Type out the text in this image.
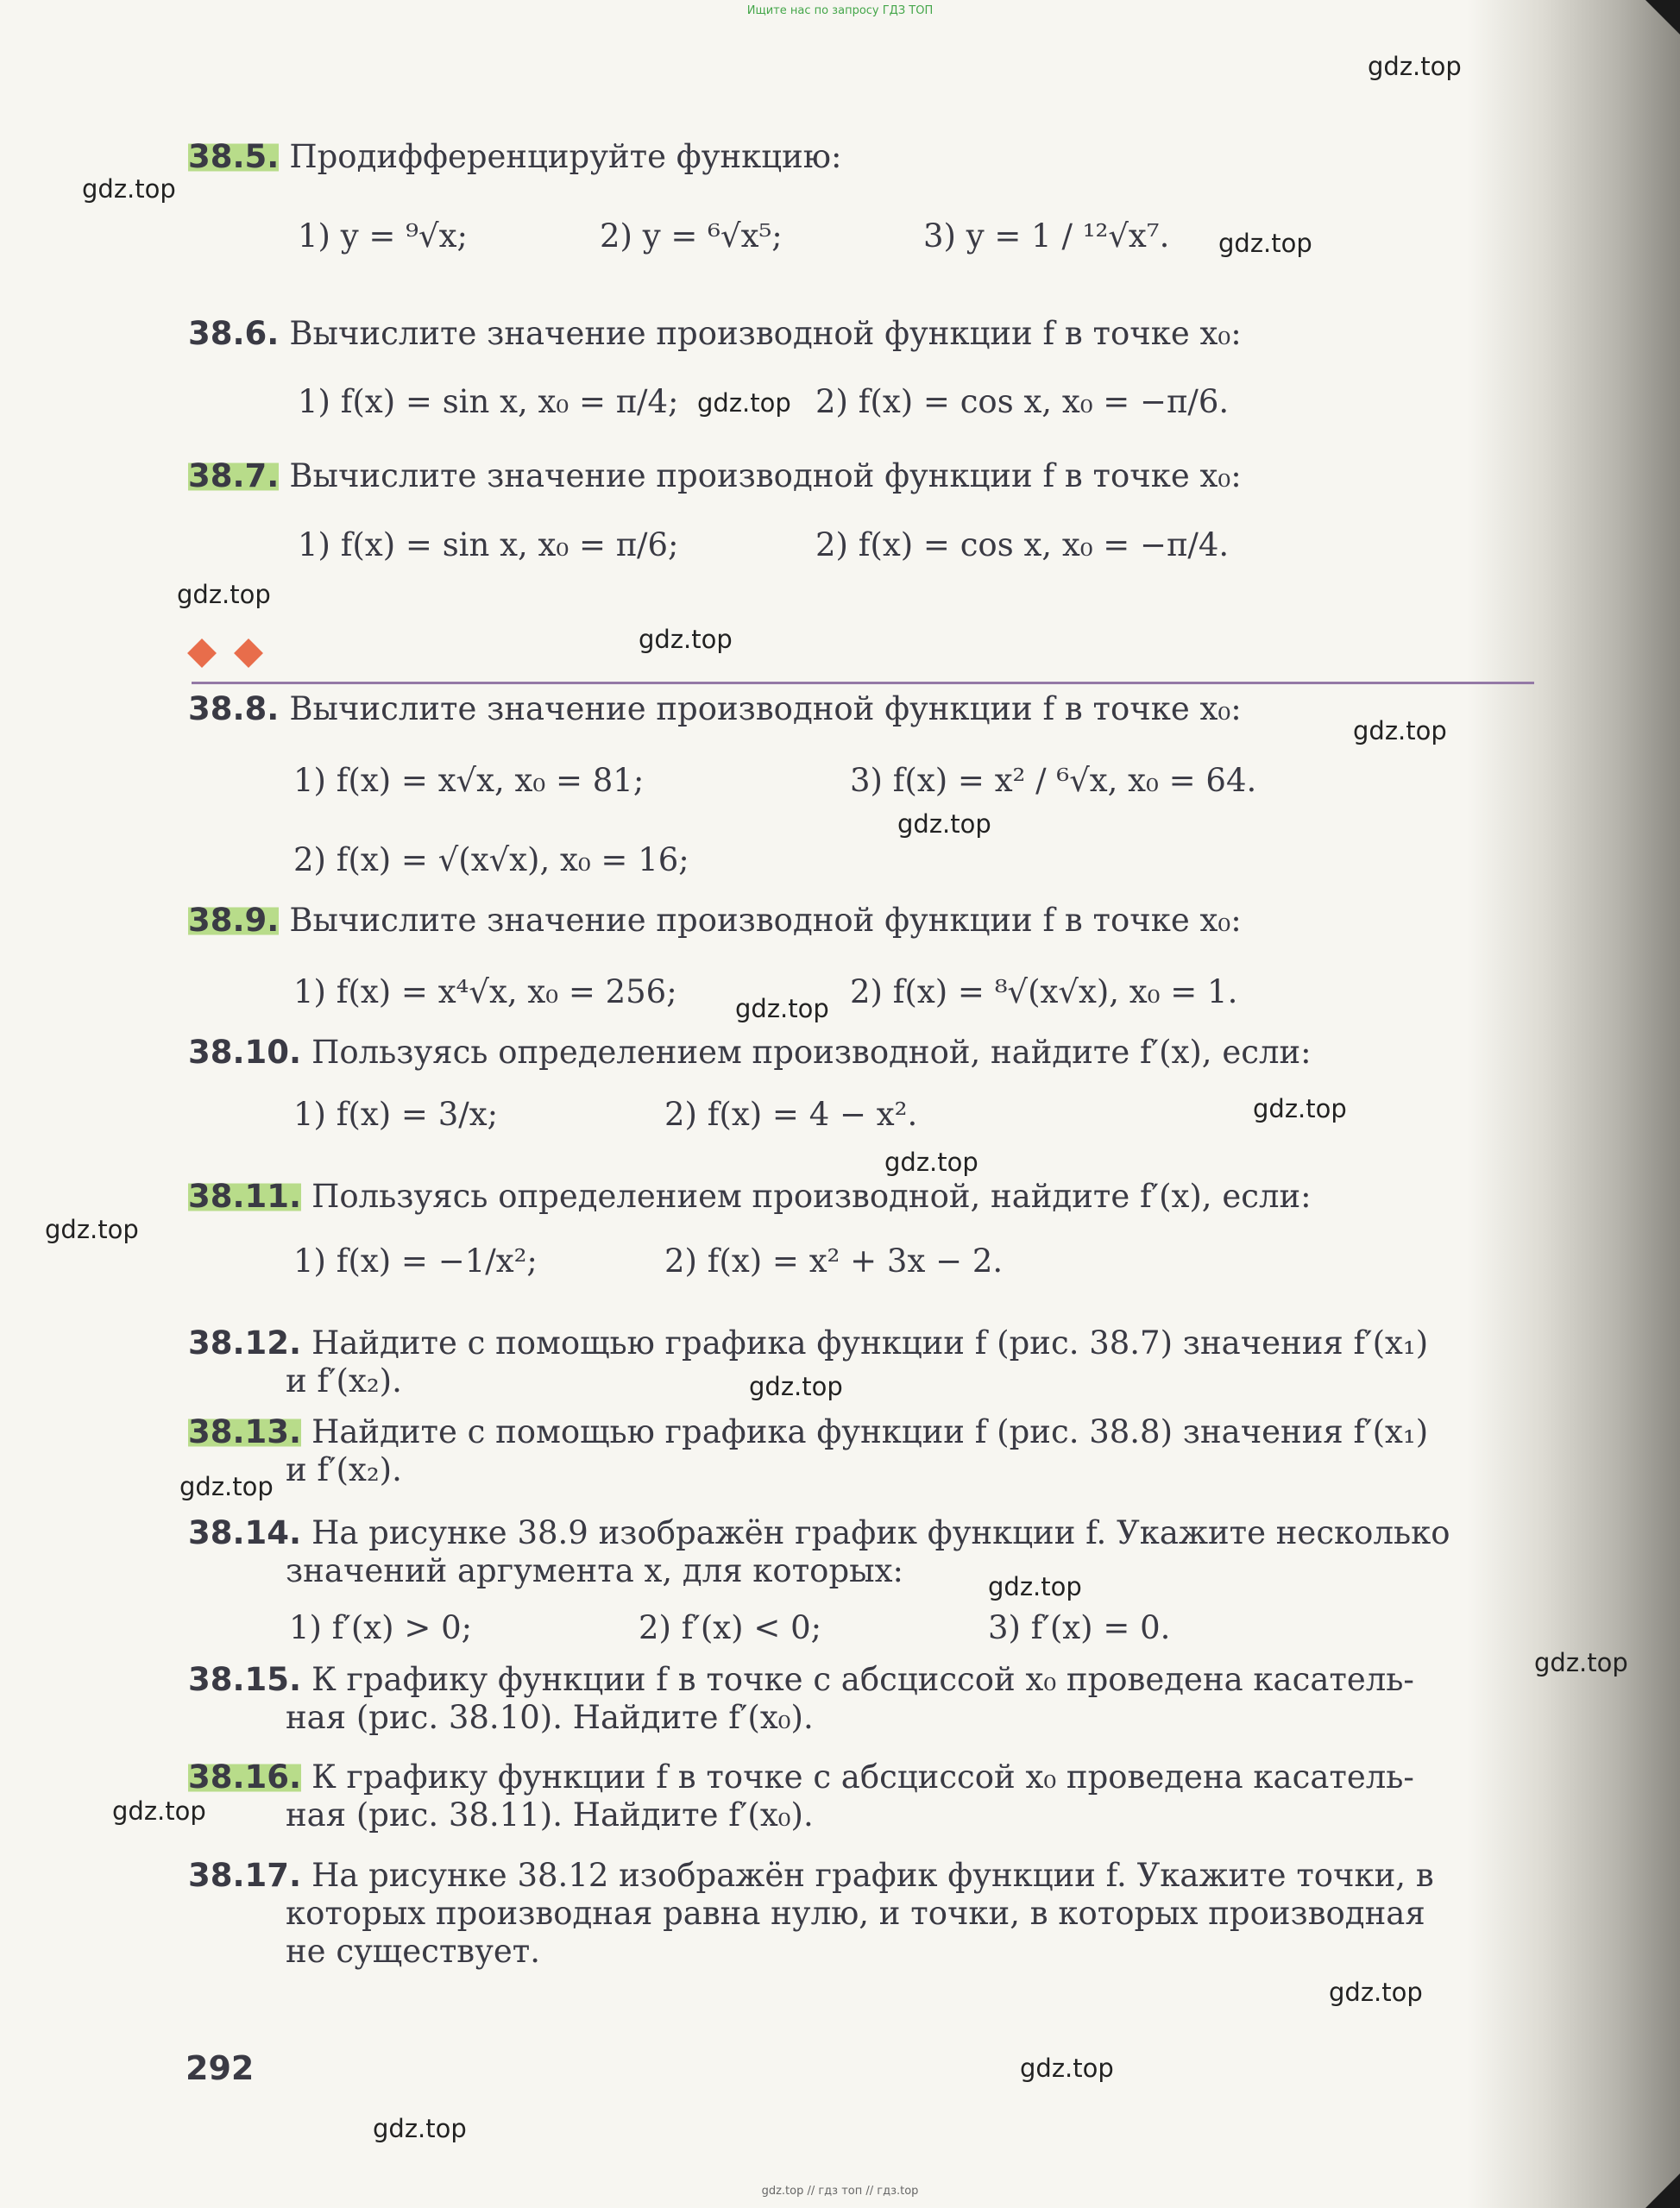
Ищите нас по запросу ГДЗ ТОП
gdz.top
gdz.top
gdz.top
gdz.top
gdz.top
gdz.top
gdz.top
gdz.top
gdz.top
gdz.top
gdz.top
gdz.top
gdz.top
gdz.top
gdz.top
gdz.top
gdz.top
gdz.top
gdz.top
gdz.top
38.5. Продифференцируйте функцию:
1) y = ⁹√x;	2) y = ⁶√x⁵;	3) y = 1 / ¹²√x⁷.
38.6. Вычислите значение производной функции f в точке x₀:
1) f(x) = sin x, x₀ = π/4;	2) f(x) = cos x, x₀ = −π/6.
38.7. Вычислите значение производной функции f в точке x₀:
1) f(x) = sin x, x₀ = π/6;	2) f(x) = cos x, x₀ = −π/4.
38.8. Вычислите значение производной функции f в точке x₀:
1) f(x) = x√x, x₀ = 81;	3) f(x) = x² / ⁶√x, x₀ = 64.
2) f(x) = √(x√x), x₀ = 16;
38.9. Вычислите значение производной функции f в точке x₀:
1) f(x) = x⁴√x, x₀ = 256;	2) f(x) = ⁸√(x√x), x₀ = 1.
38.10. Пользуясь определением производной, найдите f′(x), если:
1) f(x) = 3/x;	2) f(x) = 4 − x².
38.11. Пользуясь определением производной, найдите f′(x), если:
1) f(x) = −1/x²;	2) f(x) = x² + 3x − 2.
38.12. Найдите с помощью графика функции f (рис. 38.7) значения f′(x₁)
и f′(x₂).
38.13. Найдите с помощью графика функции f (рис. 38.8) значения f′(x₁)
и f′(x₂).
38.14. На рисунке 38.9 изображён график функции f. Укажите несколько
значений аргумента x, для которых:
1) f′(x) > 0;	2) f′(x) < 0;	3) f′(x) = 0.
38.15. К графику функции f в точке с абсциссой x₀ проведена касатель-
ная (рис. 38.10). Найдите f′(x₀).
38.16. К графику функции f в точке с абсциссой x₀ проведена касатель-
ная (рис. 38.11). Найдите f′(x₀).
38.17. На рисунке 38.12 изображён график функции f. Укажите точки, в
которых производная равна нулю, и точки, в которых производная
не существует.
292
gdz.top // гдз топ // гдз.top
